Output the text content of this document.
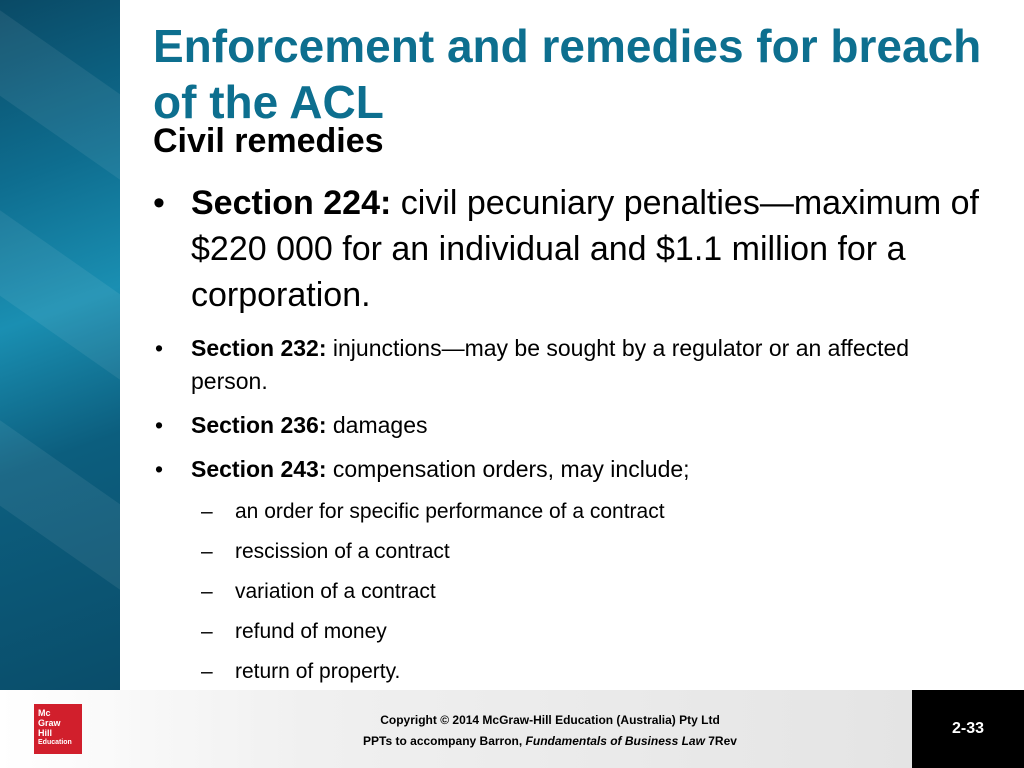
Enforcement and remedies for breach of the ACL
Civil remedies
• Section 224: civil pecuniary penalties—maximum of $220 000 for an individual and $1.1 million for a corporation.
• Section 232: injunctions—may be sought by a regulator or an affected person.
• Section 236: damages
• Section 243: compensation orders, may include;
– an order for specific performance of a contract
– rescission of a contract
– variation of a contract
– refund of money
– return of property.
Mc
Graw
Hill
Education
Copyright © 2014 McGraw-Hill Education (Australia) Pty Ltd
PPTs to accompany Barron, Fundamentals of Business Law 7Rev
2-33
